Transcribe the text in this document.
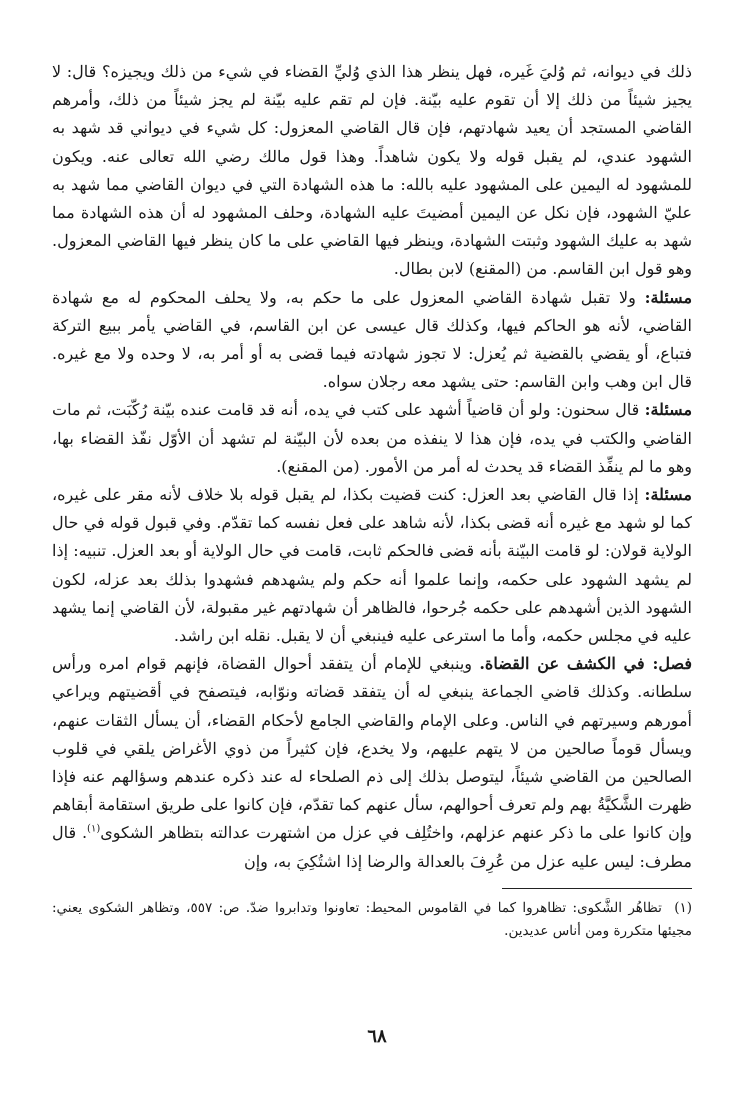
ذلك في ديوانه، ثم وُليَ غَيره، فهل ينظر هذا الذي وُليِّ القضاء في شيء من ذلك ويجيزه؟ قال: لا يجيز شيئاً من ذلك إلا أن تقوم عليه بيّنة. فإن لم تقم عليه بيّنة لم يجز شيئاً من ذلك، وأمرهم القاضي المستجد أن يعيد شهادتهم، فإن قال القاضي المعزول: كل شيء في ديواني قد شهد به الشهود عندي، لم يقبل قوله ولا يكون شاهداً. وهذا قول مالك رضي الله تعالى عنه. ويكون للمشهود له اليمين على المشهود عليه بالله: ما هذه الشهادة التي في ديوان القاضي مما شهد به عليّ الشهود، فإن نكل عن اليمين أمضيتَ عليه الشهادة، وحلف المشهود له أن هذه الشهادة مما شهد به عليك الشهود وثبتت الشهادة، وينظر فيها القاضي على ما كان ينظر فيها القاضي المعزول. وهو قول ابن القاسم. من (المقنع) لابن بطال.

مسئلة: ولا تقبل شهادة القاضي المعزول على ما حكم به، ولا يحلف المحكوم له مع شهادة القاضي، لأنه هو الحاكم فيها، وكذلك قال عيسى عن ابن القاسم، في القاضي يأمر ببيع التركة فتباع، أو يقضي بالقضية ثم يُعزل: لا تجوز شهادته فيما قضى به أو أمر به، لا وحده ولا مع غيره. قال ابن وهب وابن القاسم: حتى يشهد معه رجلان سواه.

مسئلة: قال سحنون: ولو أن قاضياً أشهد على كتب في يده، أنه قد قامت عنده بيّنة رُكّبَت، ثم مات القاضي والكتب في يده، فإن هذا لا ينفذه من بعده لأن البيّنة لم تشهد أن الأوّل نفّذ القضاء بها، وهو ما لم ينفِّذ القضاء قد يحدث له أمر من الأمور. (من المقنع).

مسئلة: إذا قال القاضي بعد العزل: كنت قضيت بكذا، لم يقبل قوله بلا خلاف لأنه مقر على غيره، كما لو شهد مع غيره أنه قضى بكذا، لأنه شاهد على فعل نفسه كما تقدّم. وفي قبول قوله في حال الولاية قولان: لو قامت البيّنة بأنه قضى فالحكم ثابت، قامت في حال الولاية أو بعد العزل. تنبيه: إذا لم يشهد الشهود على حكمه، وإنما علموا أنه حكم ولم يشهدهم فشهدوا بذلك بعد عزله، لكون الشهود الذين أشهدهم على حكمه جُرحوا، فالظاهر أن شهادتهم غير مقبولة، لأن القاضي إنما يشهد عليه في مجلس حكمه، وأما ما استرعى عليه فينبغي أن لا يقبل. نقله ابن راشد.

فصل: في الكشف عن القضاة. وينبغي للإمام أن يتفقد أحوال القضاة، فإنهم قوام امره ورأس سلطانه. وكذلك قاضي الجماعة ينبغي له أن يتفقد قضاته ونوّابه، فيتصفح في أقضيتهم ويراعي أمورهم وسيرتهم في الناس. وعلى الإمام والقاضي الجامع لأحكام القضاء، أن يسأل الثقات عنهم، ويسأل قوماً صالحين من لا يتهم عليهم، ولا يخدع، فإن كثيراً من ذوي الأغراض يلقي في قلوب الصالحين من القاضي شيئاً، ليتوصل بذلك إلى ذم الصلحاء له عند ذكره عندهم وسؤالهم عنه فإذا ظهرت الشَّكيَّةُ بهم ولم تعرف أحوالهم، سأل عنهم كما تقدّم، فإن كانوا على طريق استقامة أبقاهم وإن كانوا على ما ذكر عنهم عزلهم، واختُلِف في عزل من اشتهرت عدالته بتظاهر الشكوى$^{(١)}$. قال مطرف: ليس عليه عزل من عُرِفَ بالعدالة والرضا إذا اشتُكِيَ به، وإن

(١) تظاهُر الشَّكوى: تظاهروا كما في القاموس المحيط: تعاونوا وتدابروا ضدّ. ص: ٥٥٧، وتظاهر الشكوى يعني: مجيئها متكررة ومن أناس عديدين.

٦٨
